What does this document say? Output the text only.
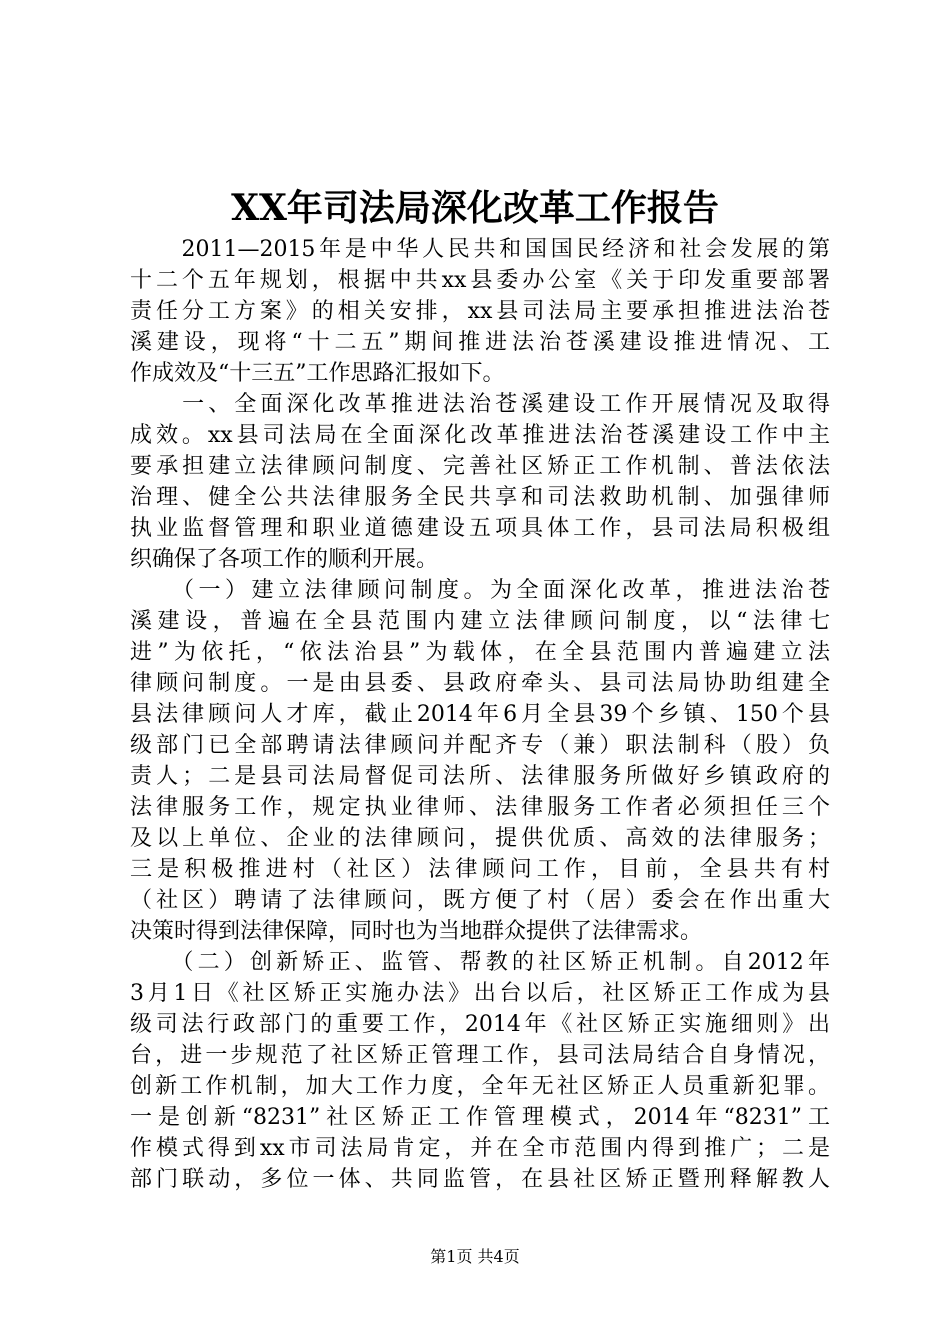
XX年司法局深化改革工作报告
　　2011—2015年是中华人民共和国国民经济和社会发展的第
十二个五年规划，根据中共xx县委办公室《关于印发重要部署
责任分工方案》的相关安排，xx县司法局主要承担推进法治苍
溪建设，现将“十二五”期间推进法治苍溪建设推进情况、工
作成效及“十三五”工作思路汇报如下。
　　一、全面深化改革推进法治苍溪建设工作开展情况及取得
成效。xx县司法局在全面深化改革推进法治苍溪建设工作中主
要承担建立法律顾问制度、完善社区矫正工作机制、普法依法
治理、健全公共法律服务全民共享和司法救助机制、加强律师
执业监督管理和职业道德建设五项具体工作，县司法局积极组
织确保了各项工作的顺利开展。
　　（一）建立法律顾问制度。为全面深化改革，推进法治苍
溪建设，普遍在全县范围内建立法律顾问制度，以“法律七
进”为依托，“依法治县”为载体，在全县范围内普遍建立法
律顾问制度。一是由县委、县政府牵头、县司法局协助组建全
县法律顾问人才库，截止2014年6月全县39个乡镇、150个县
级部门已全部聘请法律顾问并配齐专（兼）职法制科（股）负
责人；二是县司法局督促司法所、法律服务所做好乡镇政府的
法律服务工作，规定执业律师、法律服务工作者必须担任三个
及以上单位、企业的法律顾问，提供优质、高效的法律服务；
三是积极推进村（社区）法律顾问工作，目前，全县共有村
（社区）聘请了法律顾问，既方便了村（居）委会在作出重大
决策时得到法律保障，同时也为当地群众提供了法律需求。
　　（二）创新矫正、监管、帮教的社区矫正机制。自2012年
3月1日《社区矫正实施办法》出台以后，社区矫正工作成为县
级司法行政部门的重要工作，2014年《社区矫正实施细则》出
台，进一步规范了社区矫正管理工作，县司法局结合自身情况，
创新工作机制，加大工作力度，全年无社区矫正人员重新犯罪。
一是创新“8231”社区矫正工作管理模式，2014年“8231”工
作模式得到xx市司法局肯定，并在全市范围内得到推广；二是
部门联动，多位一体、共同监管，在县社区矫正暨刑释解教人
第1页 共4页
